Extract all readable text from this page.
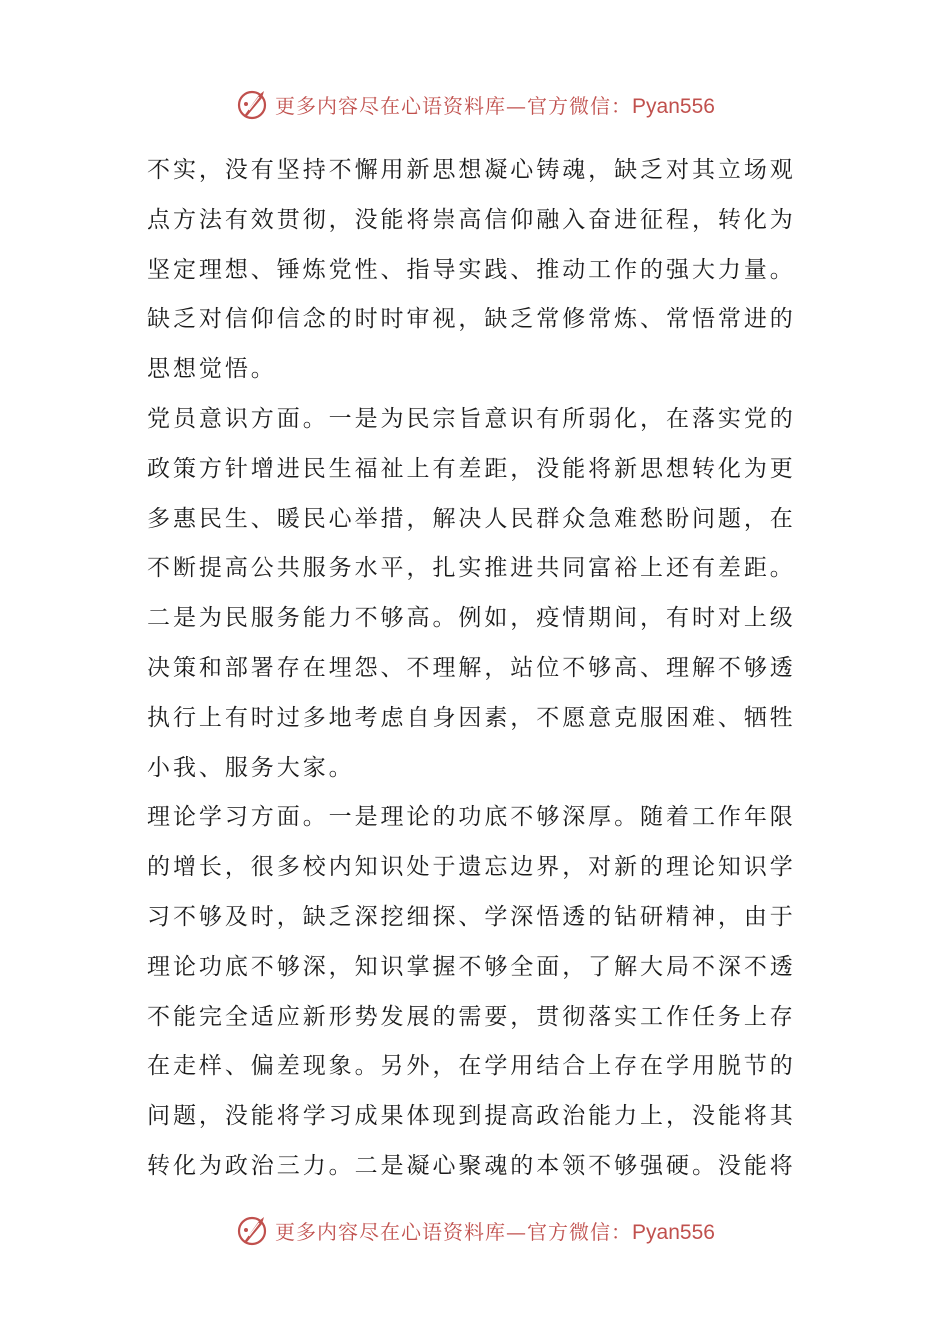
更多内容尽在心语资料库—官方微信：Pyan556
不实，没有坚持不懈用新思想凝心铸魂，缺乏对其立场观
点方法有效贯彻，没能将崇高信仰融入奋进征程，转化为
坚定理想、锤炼党性、指导实践、推动工作的强大力量。
缺乏对信仰信念的时时审视，缺乏常修常炼、常悟常进的
思想觉悟。
党员意识方面。一是为民宗旨意识有所弱化，在落实党的
政策方针增进民生福祉上有差距，没能将新思想转化为更
多惠民生、暖民心举措，解决人民群众急难愁盼问题，在
不断提高公共服务水平，扎实推进共同富裕上还有差距。
二是为民服务能力不够高。例如，疫情期间，有时对上级
决策和部署存在埋怨、不理解，站位不够高、理解不够透
执行上有时过多地考虑自身因素，不愿意克服困难、牺牲
小我、服务大家。
理论学习方面。一是理论的功底不够深厚。随着工作年限
的增长，很多校内知识处于遗忘边界，对新的理论知识学
习不够及时，缺乏深挖细探、学深悟透的钻研精神，由于
理论功底不够深，知识掌握不够全面，了解大局不深不透
不能完全适应新形势发展的需要，贯彻落实工作任务上存
在走样、偏差现象。另外，在学用结合上存在学用脱节的
问题，没能将学习成果体现到提高政治能力上，没能将其
转化为政治三力。二是凝心聚魂的本领不够强硬。没能将
更多内容尽在心语资料库—官方微信：Pyan556
